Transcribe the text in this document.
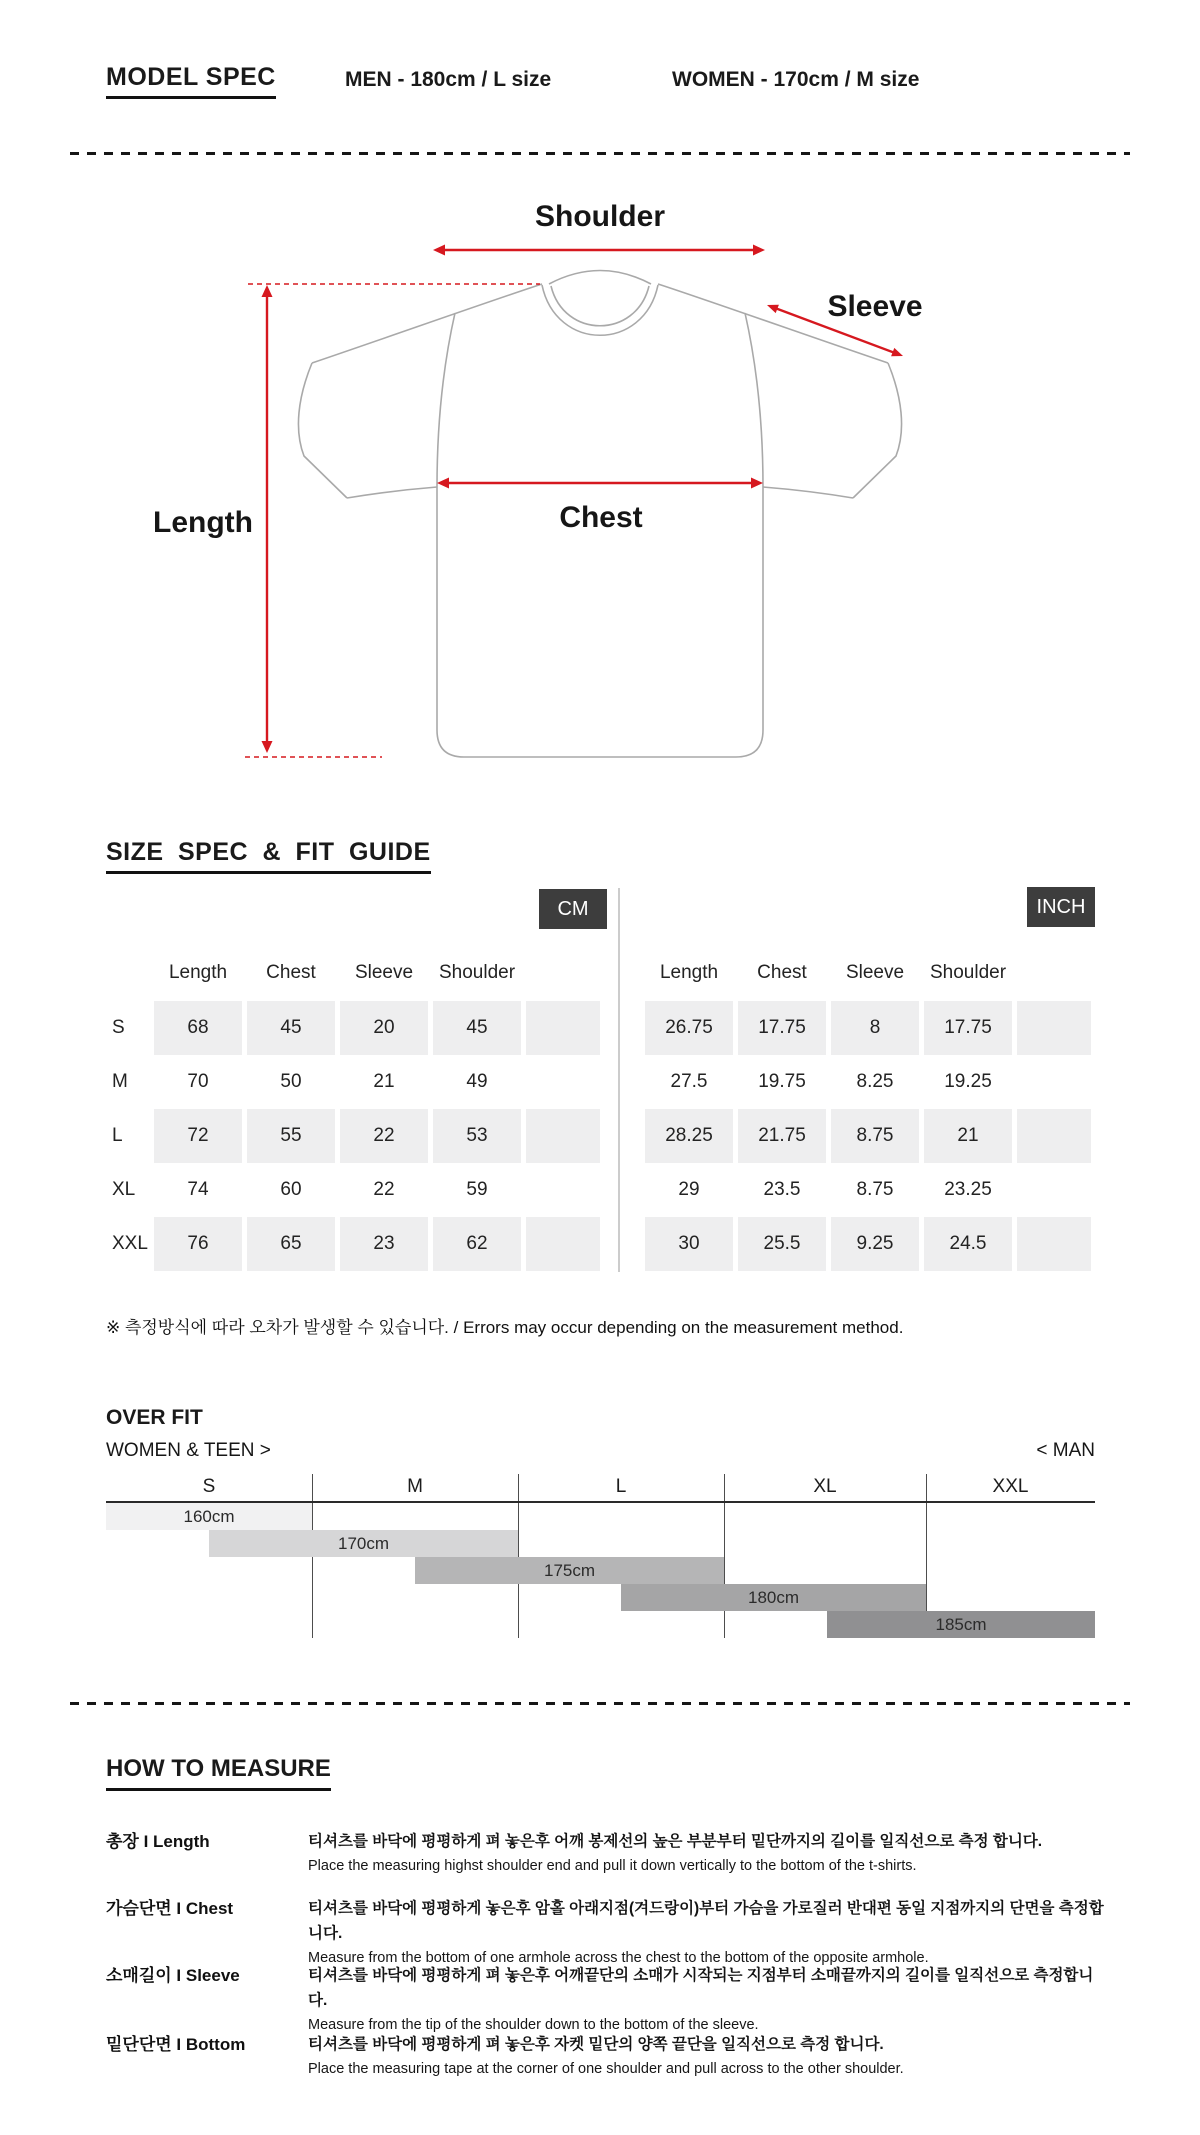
MODEL SPEC	MEN - 180cm / L size	WOMEN - 170cm / M size
Shoulder
Sleeve
Length	Chest
SIZE SPEC & FIT GUIDE
CM	INCH
	Length	Chest	Sleeve	Shoulder	
S	68	45	20	45	
M	70	50	21	49	
L	72	55	22	53	
XL	74	60	22	59	
XXL	76	65	23	62	
Length	Chest	Sleeve	Shoulder	
26.75	17.75	8	17.75	
27.5	19.75	8.25	19.25	
28.25	21.75	8.75	21	
29	23.5	8.75	23.25	
30	25.5	9.25	24.5	
※ 측정방식에 따라 오차가 발생할 수 있습니다. / Errors may occur depending on the measurement method.
OVER FIT
WOMEN & TEEN >	< MAN
S	M	L	XL	XXL
160cm
170cm
175cm
180cm
185cm
HOW TO MEASURE
총장 I Length	티셔츠를 바닥에 평평하게 펴 놓은후 어깨 봉제선의 높은 부분부터 밑단까지의 길이를 일직선으로 측정 합니다.
Place the measuring highst shoulder end and pull it down vertically to the bottom of the t-shirts.
가슴단면 I Chest	티셔츠를 바닥에 평평하게 놓은후 암홀 아래지점(겨드랑이)부터 가슴을 가로질러 반대편 동일 지점까지의 단면을 측정합니다.
Measure from the bottom of one armhole across the chest to the bottom of the opposite armhole.
소매길이 I Sleeve	티셔츠를 바닥에 평평하게 펴 놓은후 어깨끝단의 소매가 시작되는 지점부터 소매끝까지의 길이를 일직선으로 측정합니다.
Measure from the tip of the shoulder down to the bottom of the sleeve.
밑단단면 I Bottom	티셔츠를 바닥에 평평하게 펴 놓은후 자켓 밑단의 양쪽 끝단을 일직선으로 측정 합니다.
Place the measuring tape at the corner of one shoulder and pull across to the other shoulder.
